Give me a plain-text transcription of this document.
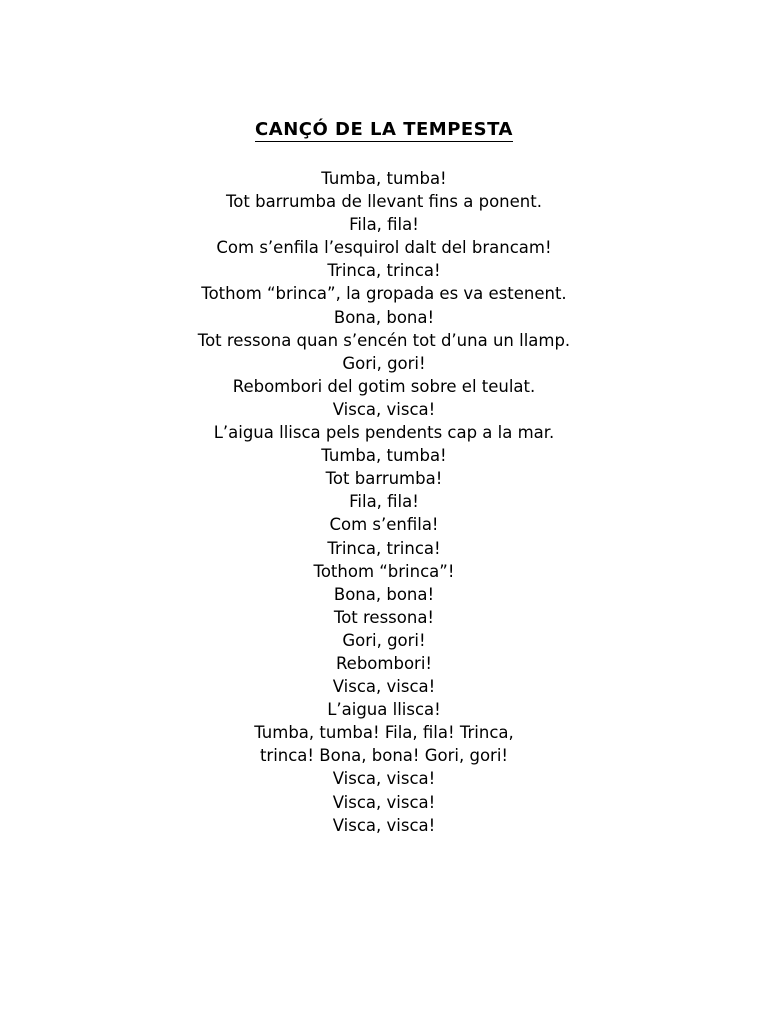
CANÇÓ DE LA TEMPESTA
Tumba, tumba!
Tot barrumba de llevant fins a ponent.
Fila, fila!
Com s’enfila l’esquirol dalt del brancam!
Trinca, trinca!
Tothom “brinca”, la gropada es va estenent.
Bona, bona!
Tot ressona quan s’encén tot d’una un llamp.
Gori, gori!
Rebombori del gotim sobre el teulat.
Visca, visca!
L’aigua llisca pels pendents cap a la mar.
Tumba, tumba!
Tot barrumba!
Fila, fila!
Com s’enfila!
Trinca, trinca!
Tothom “brinca”!
Bona, bona!
Tot ressona!
Gori, gori!
Rebombori!
Visca, visca!
L’aigua llisca!
Tumba, tumba! Fila, fila! Trinca,
trinca! Bona, bona! Gori, gori!
Visca, visca!
Visca, visca!
Visca, visca!
